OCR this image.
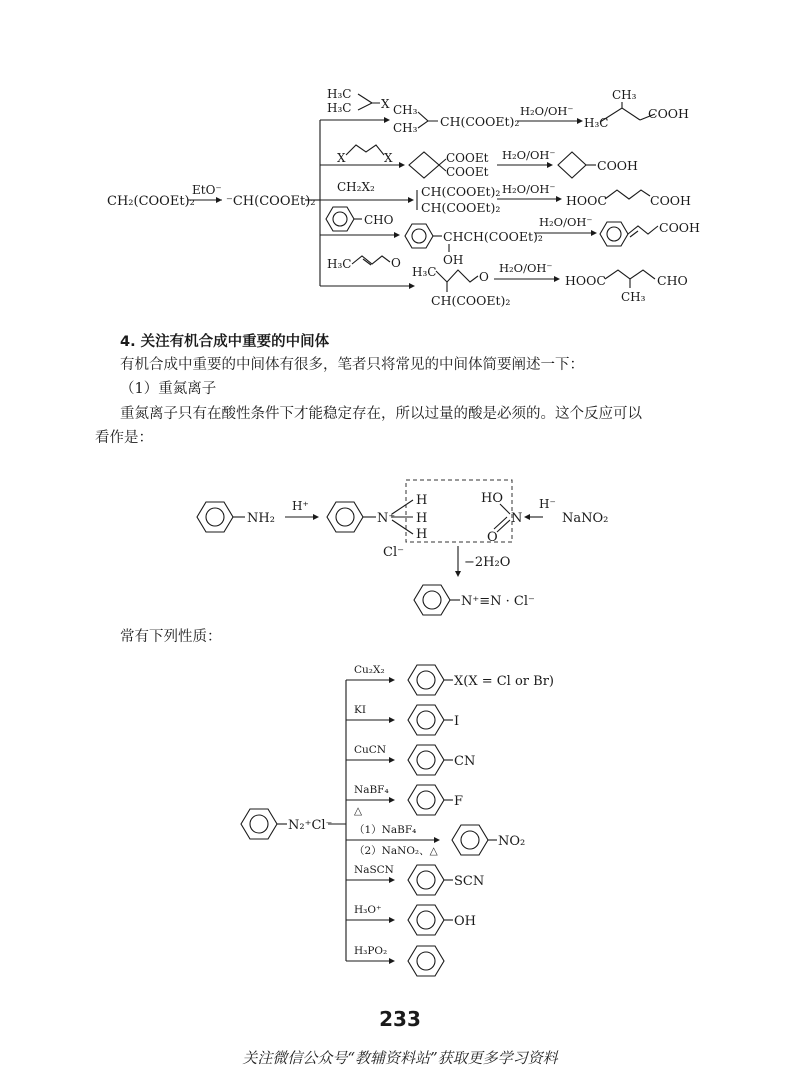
CH₂(COOEt)₂
EtO⁻
⁻CH(COOEt)₂
H₃C
H₃C X CH₃
CH₃ CH(COOEt)₂
H₂O/OH⁻
CH₃
H₃C
COOH
X	X	COOEt
COOEt
H₂O/OH⁻
COOH
CH₂X₂	CH(COOEt)₂
CH(COOEt)₂
H₂O/OH⁻
HOOC	COOH
CHO
CHCH(COOEt)₂
OH
H₂O/OH⁻	COOH
H₃C	O
H₃C	O
CH(COOEt)₂
H₂O/OH⁻
HOOC
CH₃
CHO
4. 关注有机合成中重要的中间体
有机合成中重要的中间体有很多，笔者只将常见的中间体简要阐述一下：
（1）重氮离子
重氮离子只有在酸性条件下才能稳定存在，所以过量的酸是必须的。这个反应可以
看作是：
NH₂
H⁺
N⁺
H
H
H
Cl⁻
HO
N
O
H⁻
NaNO₂
−2H₂O
N⁺≡N · Cl⁻
常有下列性质：
N₂⁺Cl⁻
Cu₂X₂
X(X = Cl or Br)
KI
I
CuCN
CN
NaBF₄
△
F
（1）NaBF₄
（2）NaNO₂、△
NO₂
NaSCN
SCN
H₃O⁺
OH
H₃PO₂
233
关注微信公众号“教辅资料站”获取更多学习资料
